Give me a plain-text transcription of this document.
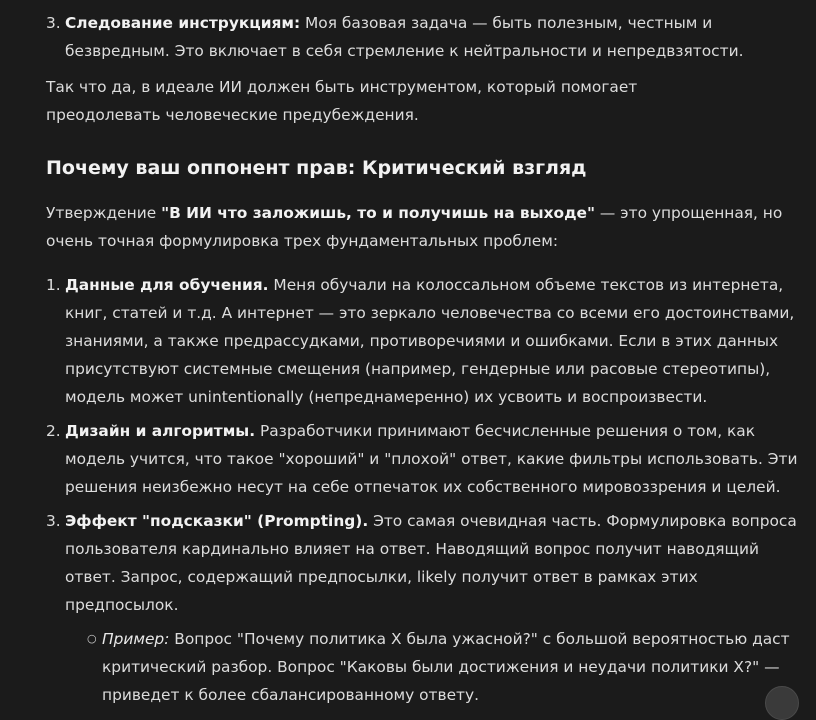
3. Следование инструкциям: Моя базовая задача — быть полезным, честным и безвредным. Это включает в себя стремление к нейтральности и непредвзятости.

Так что да, в идеале ИИ должен быть инструментом, который помогает преодолевать человеческие предубеждения.

Почему ваш оппонент прав: Критический взгляд

Утверждение "В ИИ что заложишь, то и получишь на выходе" — это упрощенная, но очень точная формулировка трех фундаментальных проблем:

1. Данные для обучения. Меня обучали на колоссальном объеме текстов из интернета, книг, статей и т.д. А интернет — это зеркало человечества со всеми его достоинствами, знаниями, а также предрассудками, противоречиями и ошибками. Если в этих данных присутствуют системные смещения (например, гендерные или расовые стереотипы), модель может unintentionally (непреднамеренно) их усвоить и воспроизвести.
2. Дизайн и алгоритмы. Разработчики принимают бесчисленные решения о том, как модель учится, что такое "хороший" и "плохой" ответ, какие фильтры использовать. Эти решения неизбежно несут на себе отпечаток их собственного мировоззрения и целей.
3. Эффект "подсказки" (Prompting). Это самая очевидная часть. Формулировка вопроса пользователя кардинально влияет на ответ. Наводящий вопрос получит наводящий ответ. Запрос, содержащий предпосылки, likely получит ответ в рамках этих предпосылок.
○ Пример: Вопрос "Почему политика X была ужасной?" с большой вероятностью даст критический разбор. Вопрос "Каковы были достижения и неудачи политики X?" — приведет к более сбалансированному ответу.
